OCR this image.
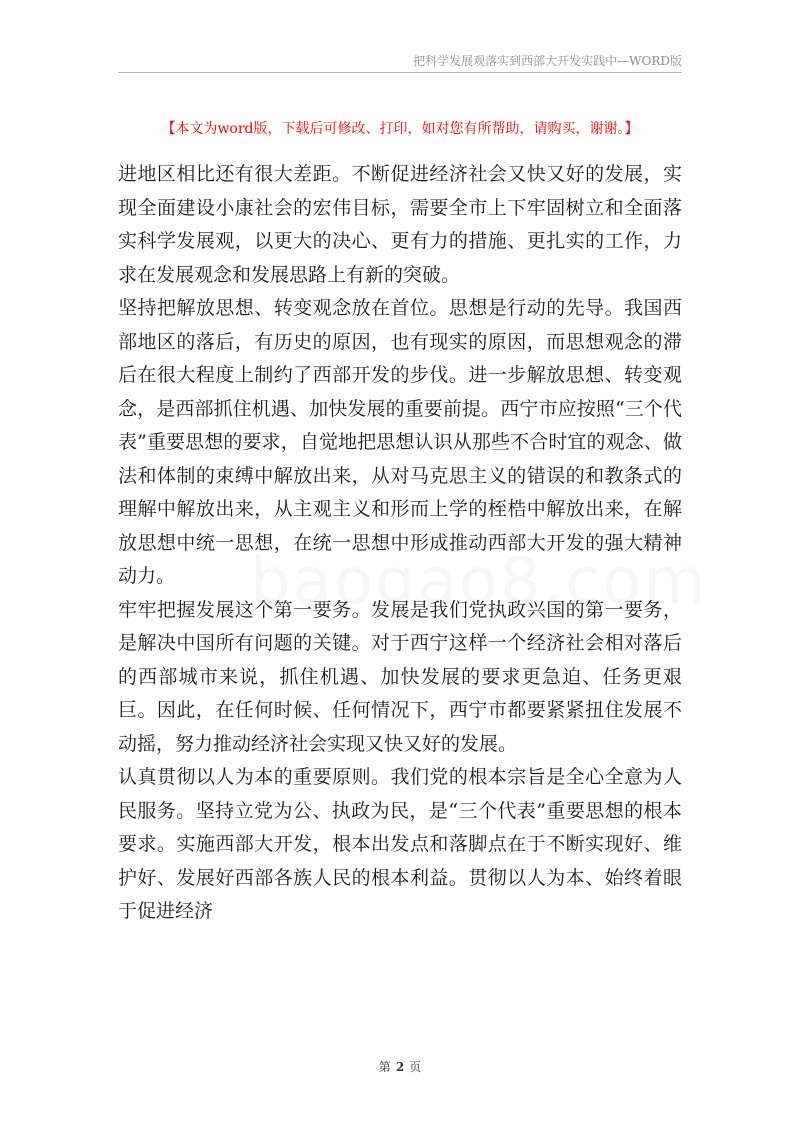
把科学发展观落实到西部大开发实践中—WORD版
【本文为word版，下载后可修改、打印，如对您有所帮助，请购买，谢谢。】

进地区相比还有很大差距。不断促进经济社会又快又好的发展，实现全面建设小康社会的宏伟目标，需要全市上下牢固树立和全面落实科学发展观，以更大的决心、更有力的措施、更扎实的工作，力求在发展观念和发展思路上有新的突破。

坚持把解放思想、转变观念放在首位。思想是行动的先导。我国西部地区的落后，有历史的原因，也有现实的原因，而思想观念的滞后在很大程度上制约了西部开发的步伐。进一步解放思想、转变观念，是西部抓住机遇、加快发展的重要前提。西宁市应按照“三个代表”重要思想的要求，自觉地把思想认识从那些不合时宜的观念、做法和体制的束缚中解放出来，从对马克思主义的错误的和教条式的理解中解放出来，从主观主义和形而上学的桎梏中解放出来，在解放思想中统一思想，在统一思想中形成推动西部大开发的强大精神动力。

牢牢把握发展这个第一要务。发展是我们党执政兴国的第一要务，是解决中国所有问题的关键。对于西宁这样一个经济社会相对落后的西部城市来说，抓住机遇、加快发展的要求更急迫、任务更艰巨。因此，在任何时候、任何情况下，西宁市都要紧紧扭住发展不动摇，努力推动经济社会实现又快又好的发展。

认真贯彻以人为本的重要原则。我们党的根本宗旨是全心全意为人民服务。坚持立党为公、执政为民，是“三个代表”重要思想的根本要求。实施西部大开发，根本出发点和落脚点在于不断实现好、维护好、发展好西部各族人民的根本利益。贯彻以人为本、始终着眼于促进经济

第 2 页
